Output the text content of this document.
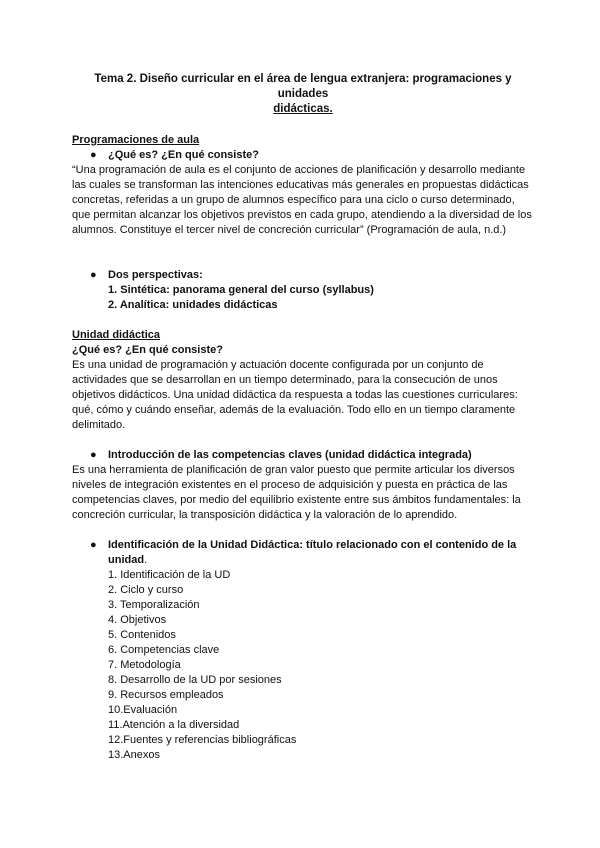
Tema 2. Diseño curricular en el área de lengua extranjera: programaciones y unidades
didácticas.

Programaciones de aula

● ¿Qué es? ¿En qué consiste?

“Una programación de aula es el conjunto de acciones de planificación y desarrollo mediante las cuales se transforman las intenciones educativas más generales en propuestas didácticas concretas, referidas a un grupo de alumnos específico para una ciclo o curso determinado, que permitan alcanzar los objetivos previstos en cada grupo, atendiendo a la diversidad de los alumnos. Constituye el tercer nivel de concreción curricular” (Programación de aula, n.d.)

● Dos perspectivas:

1. Sintética: panorama general del curso (syllabus)

2. Analítica: unidades didácticas

Unidad didáctica

¿Qué es? ¿En qué consiste?

Es una unidad de programación y actuación docente configurada por un conjunto de actividades que se desarrollan en un tiempo determinado, para la consecución de unos objetivos didácticos. Una unidad didáctica da respuesta a todas las cuestiones curriculares: qué, cómo y cuándo enseñar, además de la evaluación. Todo ello en un tiempo claramente delimitado.

● Introducción de las competencias claves (unidad didáctica integrada)

Es una herramienta de planificación de gran valor puesto que permite articular los diversos niveles de integración existentes en el proceso de adquisición y puesta en práctica de las competencias claves, por medio del equilibrio existente entre sus ámbitos fundamentales: la concreción curricular, la transposición didáctica y la valoración de lo aprendido.

● Identificación de la Unidad Didáctica: título relacionado con el contenido de la unidad.

1. Identificación de la UD
2. Ciclo y curso
3. Temporalización
4. Objetivos
5. Contenidos
6. Competencias clave
7. Metodología
8. Desarrollo de la UD por sesiones
9. Recursos empleados
10.Evaluación
11.Atención a la diversidad
12.Fuentes y referencias bibliográficas
13.Anexos
